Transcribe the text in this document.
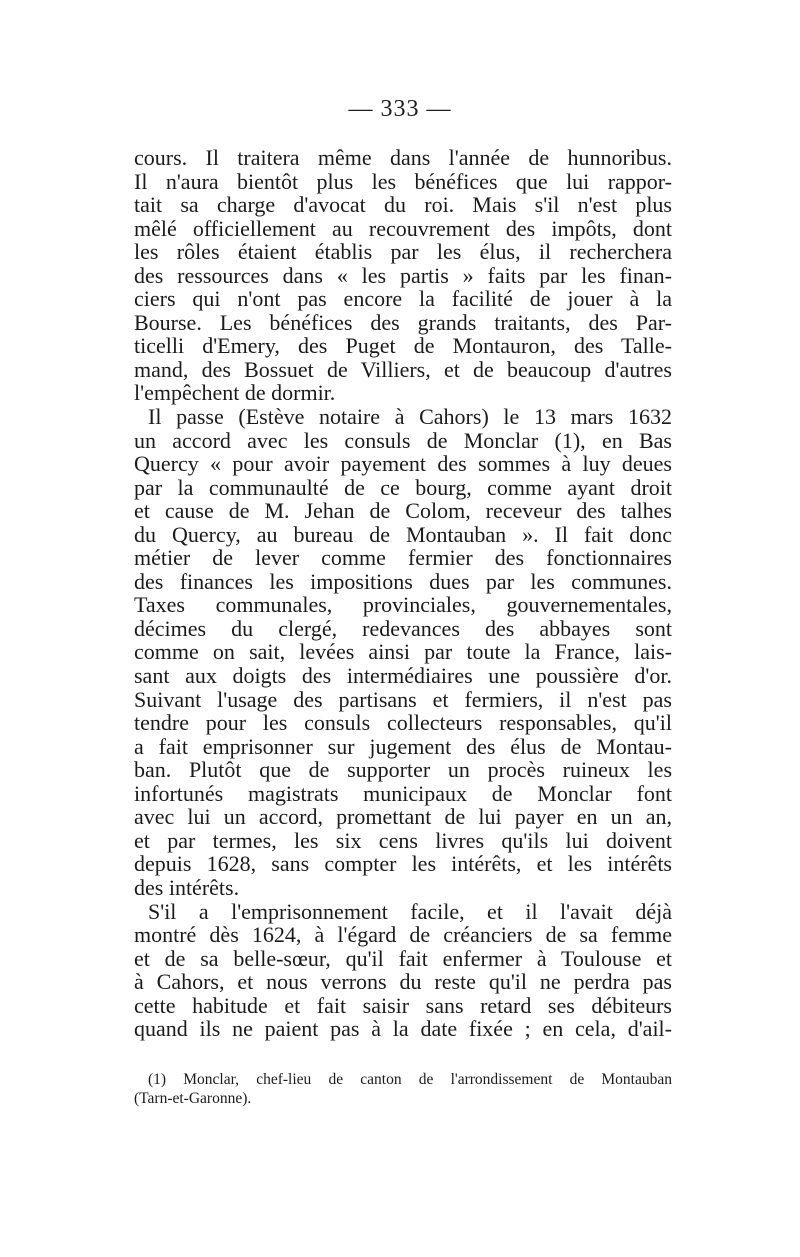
— 333 —
cours. Il traitera même dans l'année de hunnoribus.
Il n'aura bientôt plus les bénéfices que lui rappor-
tait sa charge d'avocat du roi. Mais s'il n'est plus
mêlé officiellement au recouvrement des impôts, dont
les rôles étaient établis par les élus, il recherchera
des ressources dans « les partis » faits par les finan-
ciers qui n'ont pas encore la facilité de jouer à la
Bourse. Les bénéfices des grands traitants, des Par-
ticelli d'Emery, des Puget de Montauron, des Talle-
mand, des Bossuet de Villiers, et de beaucoup d'autres
l'empêchent de dormir.
Il passe (Estève notaire à Cahors) le 13 mars 1632
un accord avec les consuls de Monclar (1), en Bas
Quercy « pour avoir payement des sommes à luy deues
par la communaulté de ce bourg, comme ayant droit
et cause de M. Jehan de Colom, receveur des talhes
du Quercy, au bureau de Montauban ». Il fait donc
métier de lever comme fermier des fonctionnaires
des finances les impositions dues par les communes.
Taxes communales, provinciales, gouvernementales,
décimes du clergé, redevances des abbayes sont
comme on sait, levées ainsi par toute la France, lais-
sant aux doigts des intermédiaires une poussière d'or.
Suivant l'usage des partisans et fermiers, il n'est pas
tendre pour les consuls collecteurs responsables, qu'il
a fait emprisonner sur jugement des élus de Montau-
ban. Plutôt que de supporter un procès ruineux les
infortunés magistrats municipaux de Monclar font
avec lui un accord, promettant de lui payer en un an,
et par termes, les six cens livres qu'ils lui doivent
depuis 1628, sans compter les intérêts, et les intérêts
des intérêts.
S'il a l'emprisonnement facile, et il l'avait déjà
montré dès 1624, à l'égard de créanciers de sa femme
et de sa belle-sœur, qu'il fait enfermer à Toulouse et
à Cahors, et nous verrons du reste qu'il ne perdra pas
cette habitude et fait saisir sans retard ses débiteurs
quand ils ne paient pas à la date fixée ; en cela, d'ail-
(1) Monclar, chef-lieu de canton de l'arrondissement de Montauban
(Tarn-et-Garonne).
